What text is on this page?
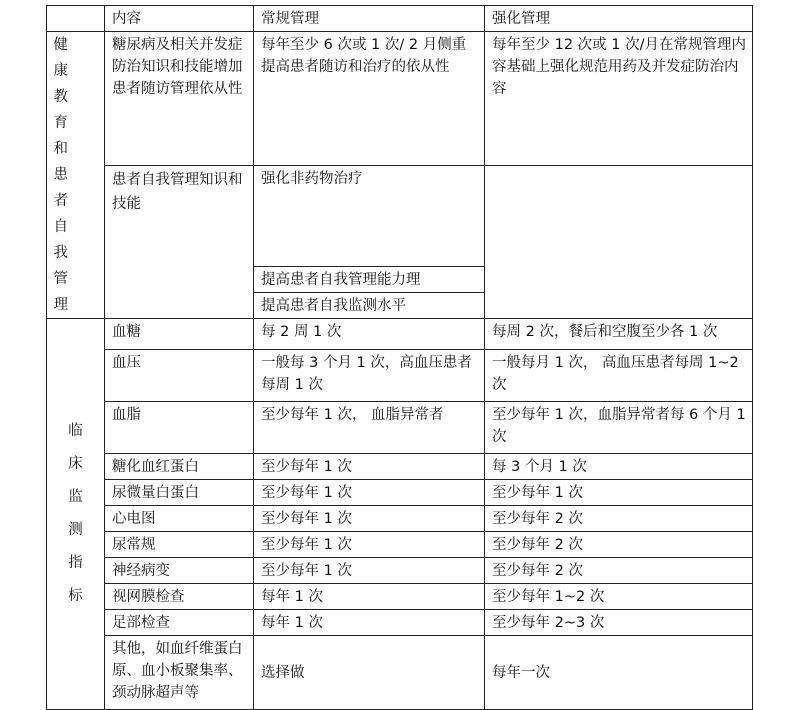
	内容	常规管理	强化管理

健康教育和患者自我管理	糖尿病及相关并发症防治知识和技能增加患者随访管理依从性	每年至少 6 次或 1 次/ 2 月侧重提高患者随访和治疗的依从性	每年至少 12 次或 1 次/月在常规管理内容基础上强化规范用药及并发症防治内容
	患者自我管理知识和技能	强化非药物治疗	
		提高患者自我管理能力理	
		提高患者自我监测水平	

临床监测指标	血糖	每 2 周 1 次	每周 2 次，餐后和空腹至少各 1 次
	血压	一般每 3 个月 1 次，高血压患者每周 1 次	一般每月 1 次， 高血压患者每周 1~2 次
	血脂	至少每年 1 次， 血脂异常者	至少每年 1 次，血脂异常者每 6 个月 1 次
	糖化血红蛋白	至少每年 1 次	每 3 个月 1 次
	尿微量白蛋白	至少每年 1 次	至少每年 1 次
	心电图	至少每年 1 次	至少每年 2 次
	尿常规	至少每年 1 次	至少每年 2 次
	神经病变	至少每年 1 次	至少每年 2 次
	视网膜检查	每年 1 次	至少每年 1~2 次
	足部检查	每年 1 次	至少每年 2~3 次
	其他，如血纤维蛋白原、血小板聚集率、颈动脉超声等	选择做	每年一次
